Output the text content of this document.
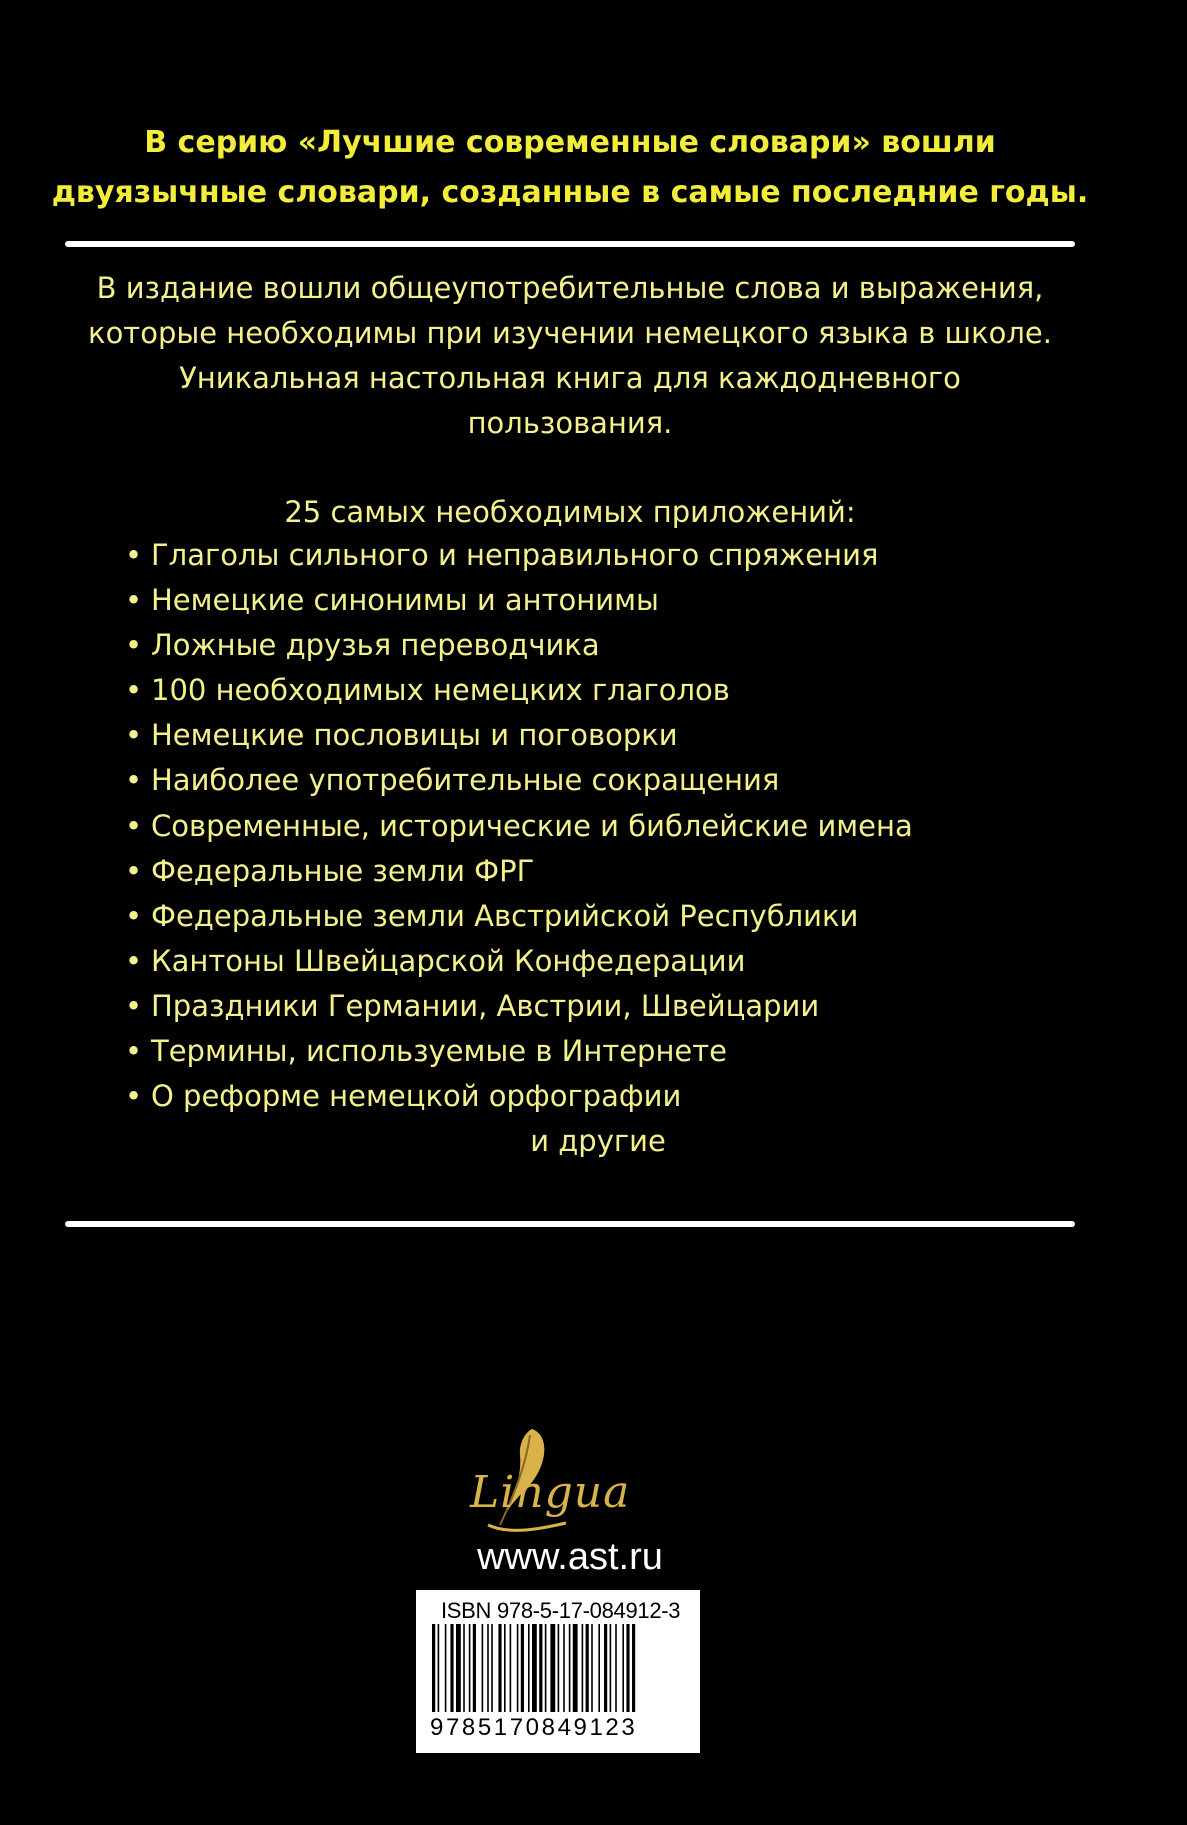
В серию «Лучшие современные словари» вошли
двуязычные словари, созданные в самые последние годы.
В издание вошли общеупотребительные слова и выражения,
которые необходимы при изучении немецкого языка в школе.
Уникальная настольная книга для каждодневного
пользования.
25 самых необходимых приложений:
• Глаголы сильного и неправильного спряжения
• Немецкие синонимы и антонимы
• Ложные друзья переводчика
• 100 необходимых немецких глаголов
• Немецкие пословицы и поговорки
• Наиболее употребительные сокращения
• Современные, исторические и библейские имена
• Федеральные земли ФРГ
• Федеральные земли Австрийской Республики
• Кантоны Швейцарской Конфедерации
• Праздники Германии, Австрии, Швейцарии
• Термины, используемые в Интернете
• О реформе немецкой орфографии
и другие
Lingua
www.ast.ru
ISBN 978-5-17-084912-3
9785170849123
